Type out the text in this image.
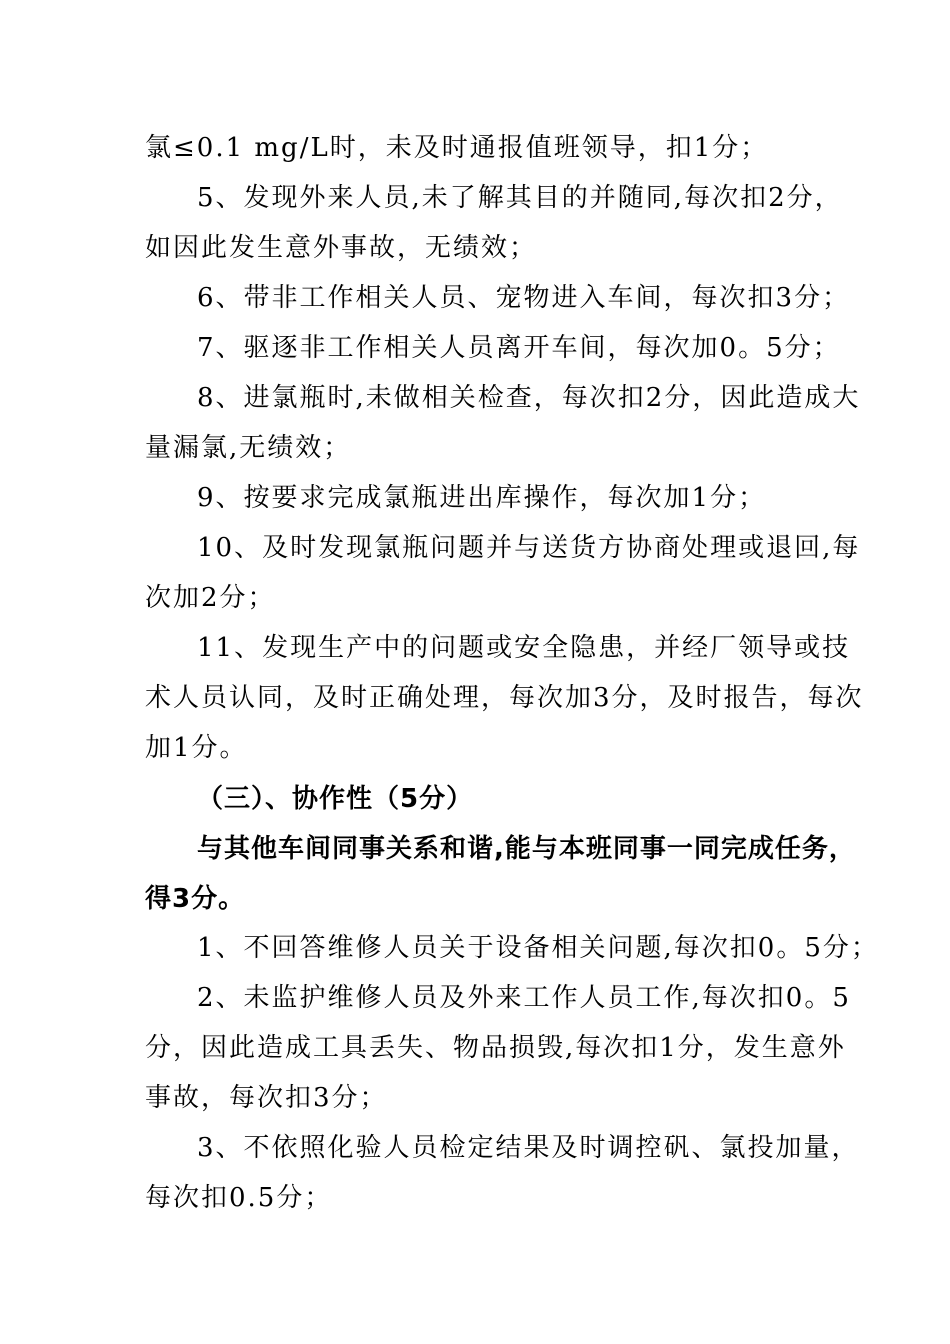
氯≤0.1 mg/L时，未及时通报值班领导，扣1分；
5、发现外来人员,未了解其目的并随同,每次扣2分，
如因此发生意外事故，无绩效；
6、带非工作相关人员、宠物进入车间，每次扣3分；
7、驱逐非工作相关人员离开车间，每次加0。5分；
8、进氯瓶时,未做相关检查，每次扣2分，因此造成大
量漏氯,无绩效；
9、按要求完成氯瓶进出库操作，每次加1分；
10、及时发现氯瓶问题并与送货方协商处理或退回,每
次加2分；
11、发现生产中的问题或安全隐患，并经厂领导或技
术人员认同，及时正确处理，每次加3分，及时报告，每次
加1分。
（三）、协作性（5分）
与其他车间同事关系和谐,能与本班同事一同完成任务，
得3分。
1、不回答维修人员关于设备相关问题,每次扣0。5分；
2、未监护维修人员及外来工作人员工作,每次扣0。5
分，因此造成工具丢失、物品损毁,每次扣1分，发生意外
事故，每次扣3分；
3、不依照化验人员检定结果及时调控矾、氯投加量，
每次扣0.5分；
